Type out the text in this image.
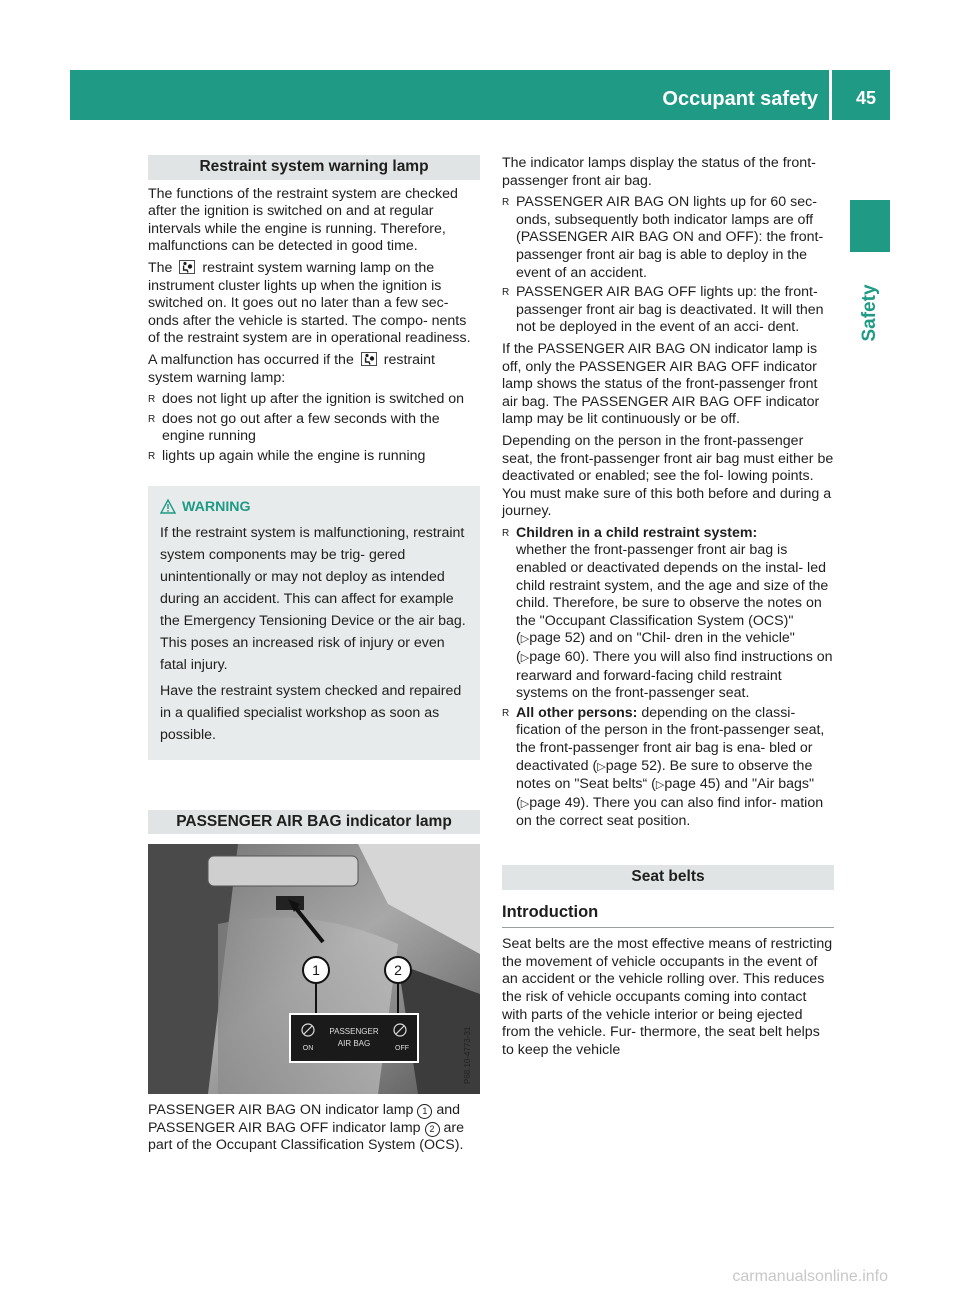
Occupant safety 45
Safety
Restraint system warning lamp

The functions of the restraint system are checked after the ignition is switched on and at regular intervals while the engine is running. Therefore, malfunctions can be detected in good time.

The restraint system warning lamp on the instrument cluster lights up when the ignition is switched on. It goes out no later than a few sec- onds after the vehicle is started. The compo- nents of the restraint system are in operational readiness.

A malfunction has occurred if the restraint system warning lamp:

R does not light up after the ignition is switched on
R does not go out after a few seconds with the engine running
R lights up again while the engine is running
WARNING

If the restraint system is malfunctioning, restraint system components may be trig- gered unintentionally or may not deploy as intended during an accident. This can affect for example the Emergency Tensioning Device or the air bag. This poses an increased risk of injury or even fatal injury.

Have the restraint system checked and repaired in a qualified specialist workshop as soon as possible.

PASSENGER AIR BAG indicator lamp
1	2
ON
PASSENGER
AIR BAG
OFF	P68.10-4773-31

PASSENGER AIR BAG ON indicator lamp 1 and PASSENGER AIR BAG OFF indicator lamp 2 are part of the Occupant Classification System (OCS).

The indicator lamps display the status of the front-passenger front air bag.

R PASSENGER AIR BAG ON lights up for 60 sec- onds, subsequently both indicator lamps are off (PASSENGER AIR BAG ON and OFF): the front-passenger front air bag is able to deploy in the event of an accident.
R PASSENGER AIR BAG OFF lights up: the front- passenger front air bag is deactivated. It will then not be deployed in the event of an acci- dent.

If the PASSENGER AIR BAG ON indicator lamp is off, only the PASSENGER AIR BAG OFF indicator lamp shows the status of the front-passenger front air bag. The PASSENGER AIR BAG OFF indicator lamp may be lit continuously or be off.

Depending on the person in the front-passenger seat, the front-passenger front air bag must either be deactivated or enabled; see the fol- lowing points. You must make sure of this both before and during a journey.

R Children in a child restraint system:
whether the front-passenger front air bag is enabled or deactivated depends on the instal- led child restraint system, and the age and size of the child. Therefore, be sure to observe the notes on the "Occupant Classification System (OCS)" (▷page 52) and on "Chil- dren in the vehicle" (▷page 60). There you will also find instructions on rearward and forward-facing child restraint systems on the front-passenger seat.
R All other persons: depending on the classi- fication of the person in the front-passenger seat, the front-passenger front air bag is ena- bled or deactivated (▷page 52). Be sure to observe the notes on "Seat belts“ (▷page 45) and "Air bags" (▷page 49). There you can also find infor- mation on the correct seat position.
Seat belts
Introduction

Seat belts are the most effective means of restricting the movement of vehicle occupants in the event of an accident or the vehicle rolling over. This reduces the risk of vehicle occupants coming into contact with parts of the vehicle interior or being ejected from the vehicle. Fur- thermore, the seat belt helps to keep the vehicle

carmanualsonline.info
